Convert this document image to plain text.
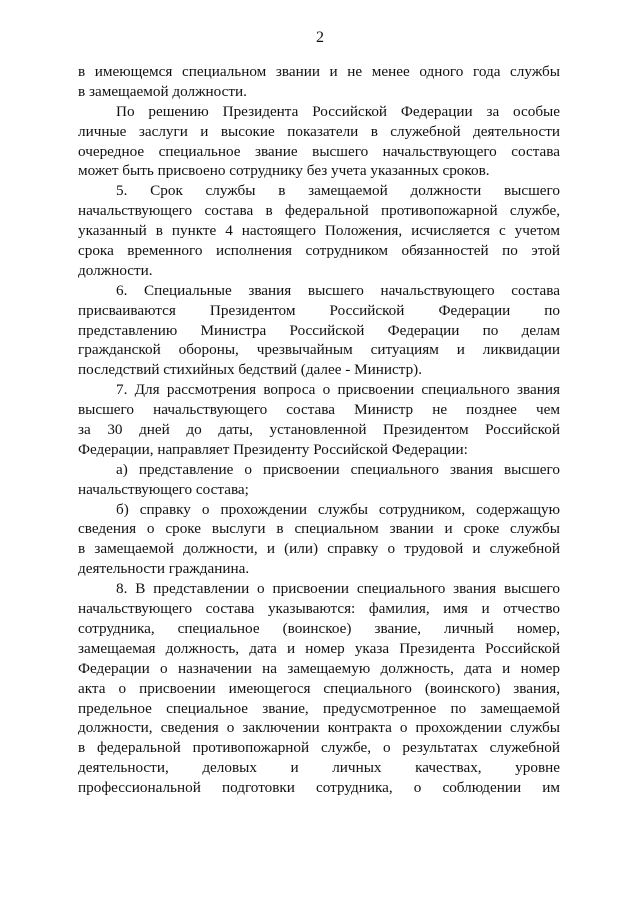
2
в имеющемся специальном звании и не менее одного года службы
в замещаемой должности.
По решению Президента Российской Федерации за особые
личные заслуги и высокие показатели в служебной деятельности
очередное специальное звание высшего начальствующего состава
может быть присвоено сотруднику без учета указанных сроков.
5. Срок службы в замещаемой должности высшего
начальствующего состава в федеральной противопожарной службе,
указанный в пункте 4 настоящего Положения, исчисляется с учетом
срока временного исполнения сотрудником обязанностей по этой
должности.
6. Специальные звания высшего начальствующего состава
присваиваются Президентом Российской Федерации по
представлению Министра Российской Федерации по делам
гражданской обороны, чрезвычайным ситуациям и ликвидации
последствий стихийных бедствий (далее - Министр).
7. Для рассмотрения вопроса о присвоении специального звания
высшего начальствующего состава Министр не позднее чем
за 30 дней до даты, установленной Президентом Российской
Федерации, направляет Президенту Российской Федерации:
а) представление о присвоении специального звания высшего
начальствующего состава;
б) справку о прохождении службы сотрудником, содержащую
сведения о сроке выслуги в специальном звании и сроке службы
в замещаемой должности, и (или) справку о трудовой и служебной
деятельности гражданина.
8. В представлении о присвоении специального звания высшего
начальствующего состава указываются: фамилия, имя и отчество
сотрудника, специальное (воинское) звание, личный номер,
замещаемая должность, дата и номер указа Президента Российской
Федерации о назначении на замещаемую должность, дата и номер
акта о присвоении имеющегося специального (воинского) звания,
предельное специальное звание, предусмотренное по замещаемой
должности, сведения о заключении контракта о прохождении службы
в федеральной противопожарной службе, о результатах служебной
деятельности, деловых и личных качествах, уровне
профессиональной подготовки сотрудника, о соблюдении им
